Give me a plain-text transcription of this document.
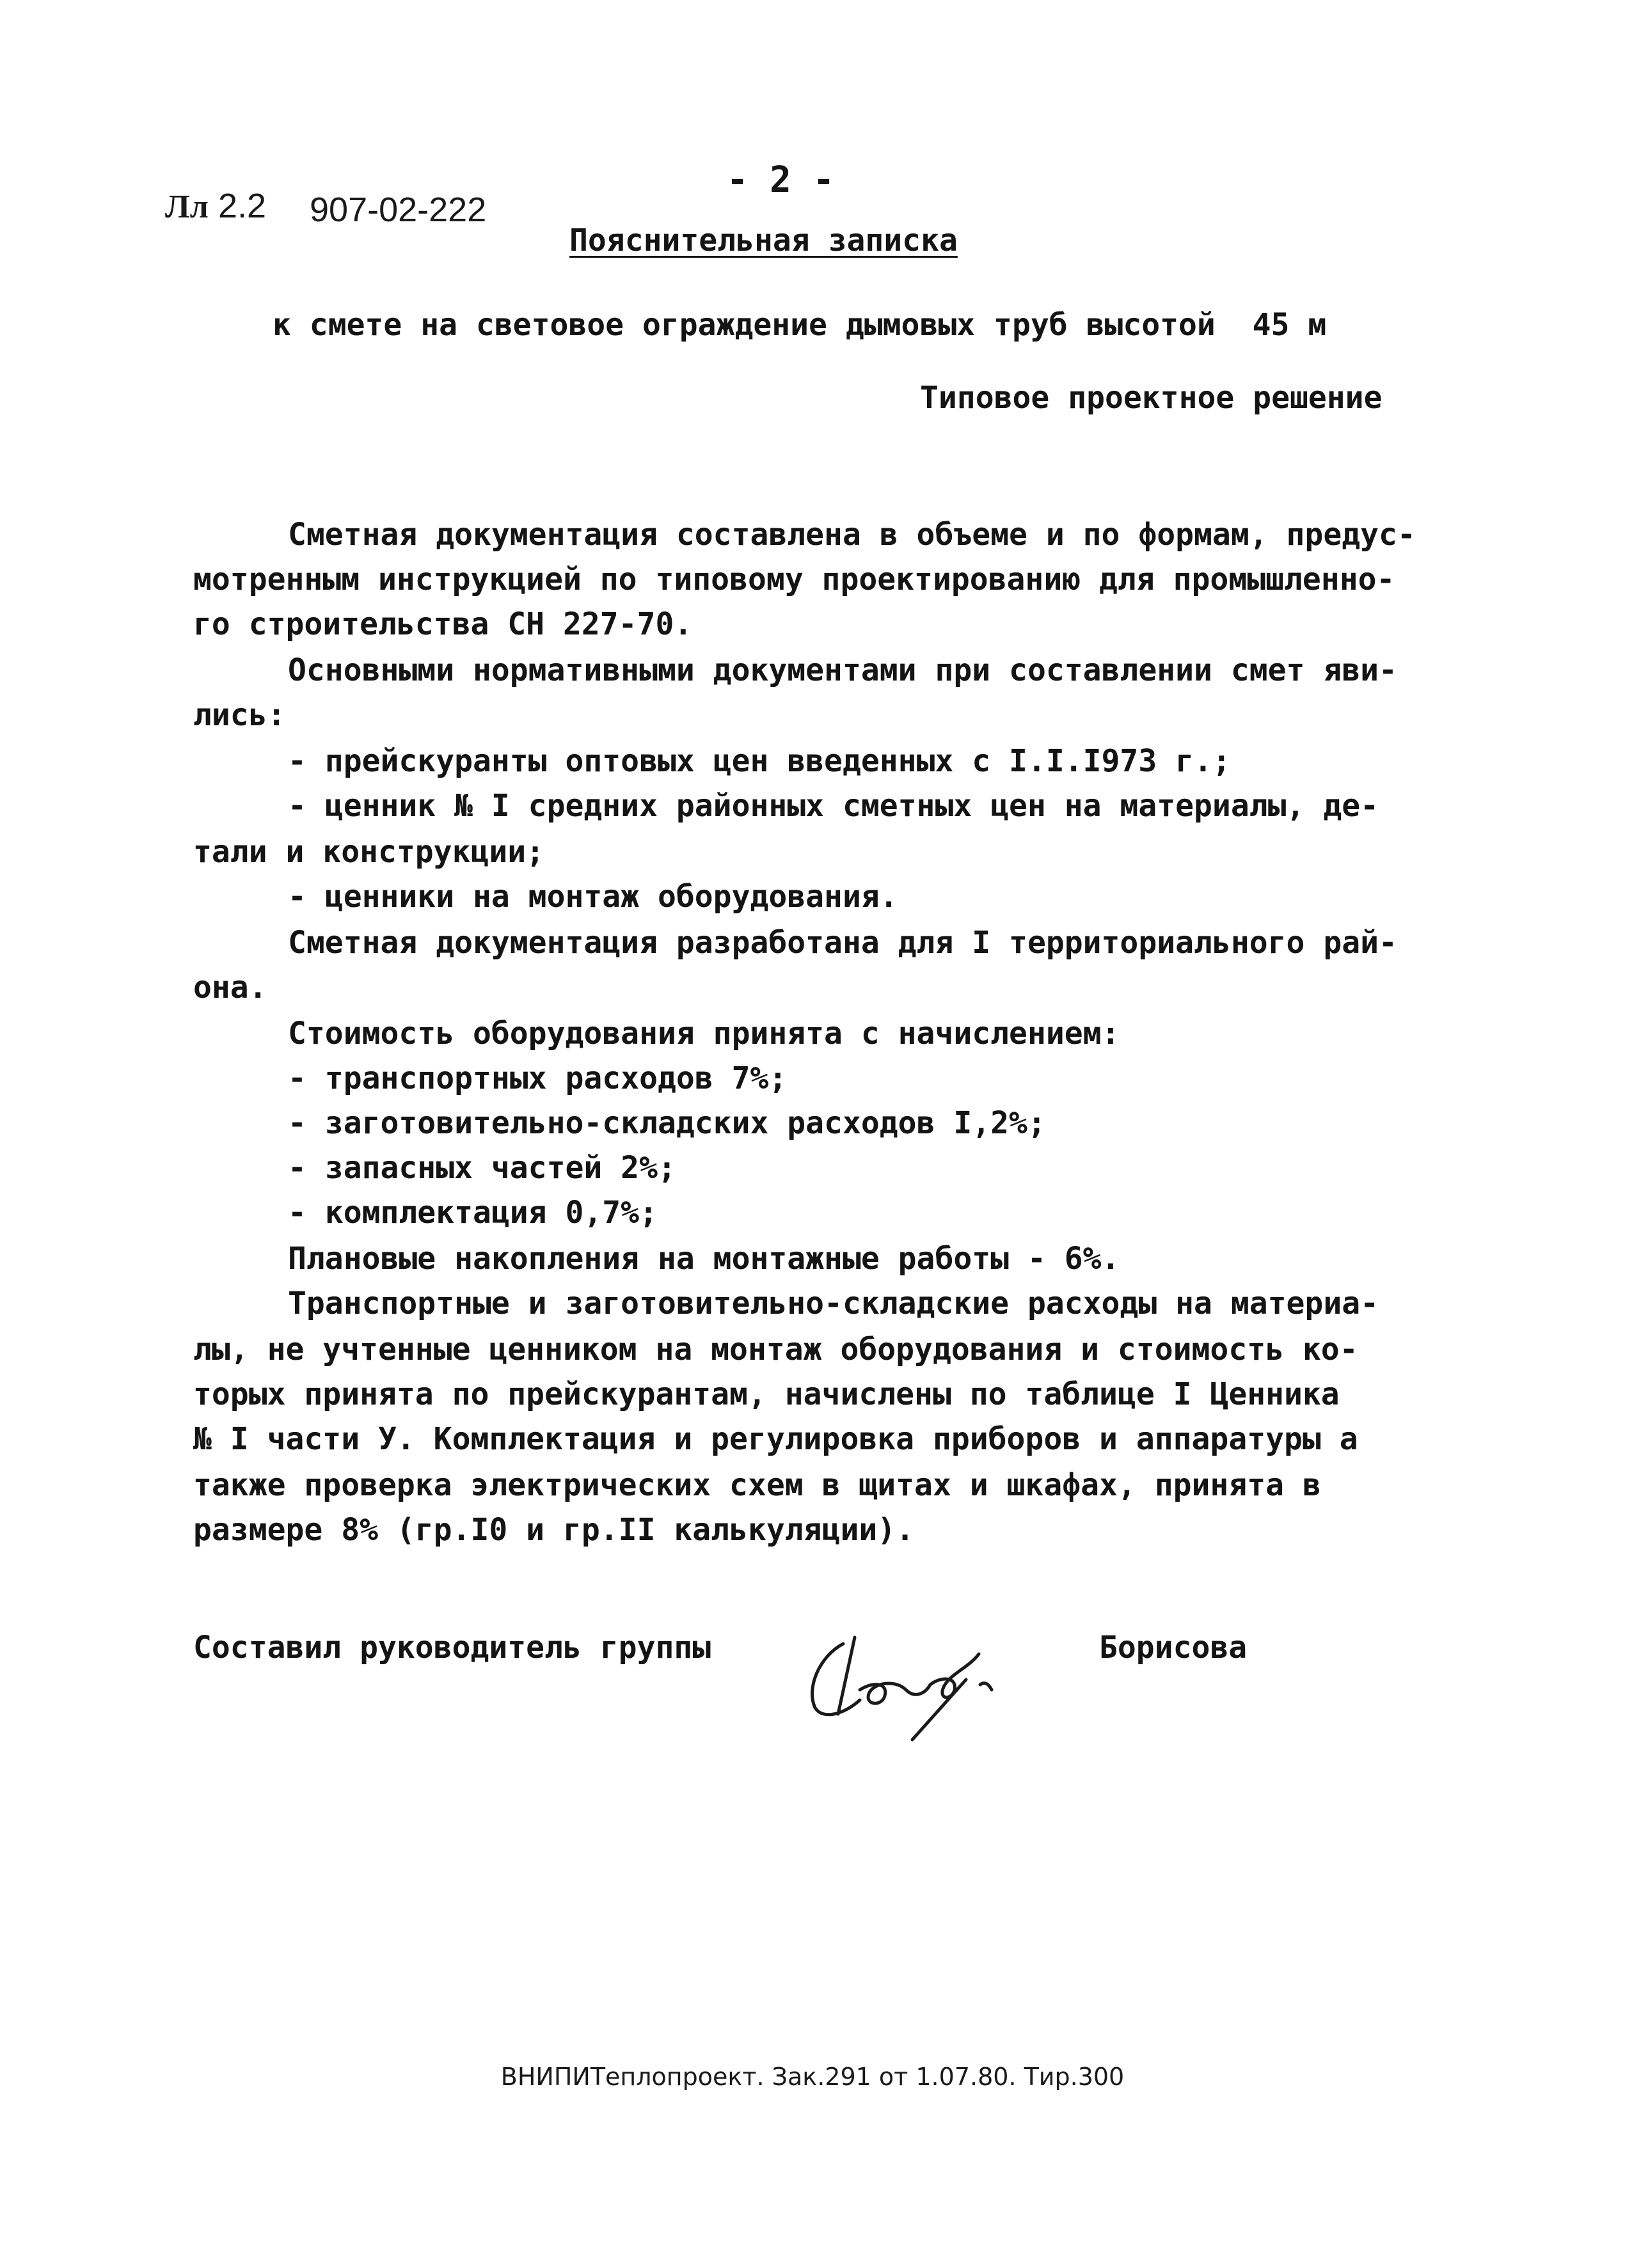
Лл 2.2 907-02-222
- 2 -
Пояснительная записка
к смете на световое ограждение дымовых труб высотой  45 м
Типовое проектное решение
Сметная документация составлена в объеме и по формам, предус-
мотренным инструкцией по типовому проектированию для промышленно-
го строительства СН 227-70.
Основными нормативными документами при составлении смет яви-
лись:
- прейскуранты оптовых цен введенных с I.I.I973 г.;
- ценник № I средних районных сметных цен на материалы, де-
тали и конструкции;
- ценники на монтаж оборудования.
Сметная документация разработана для I территориального рай-
она.
Стоимость оборудования принята с начислением:
- транспортных расходов 7%;
- заготовительно-складских расходов I,2%;
- запасных частей 2%;
- комплектация 0,7%;
Плановые накопления на монтажные работы - 6%.
Транспортные и заготовительно-складские расходы на материа-
лы, не учтенные ценником на монтаж оборудования и стоимость ко-
торых принята по прейскурантам, начислены по таблице I Ценника
№ I части У. Комплектация и регулировка приборов и аппаратуры а
также проверка электрических схем в щитах и шкафах, принята в
размере 8% (гр.I0 и гр.II калькуляции).
Составил руководитель группы	Борисова
ВНИПИТеплопроект. Зак.291 от 1.07.80. Тир.300
